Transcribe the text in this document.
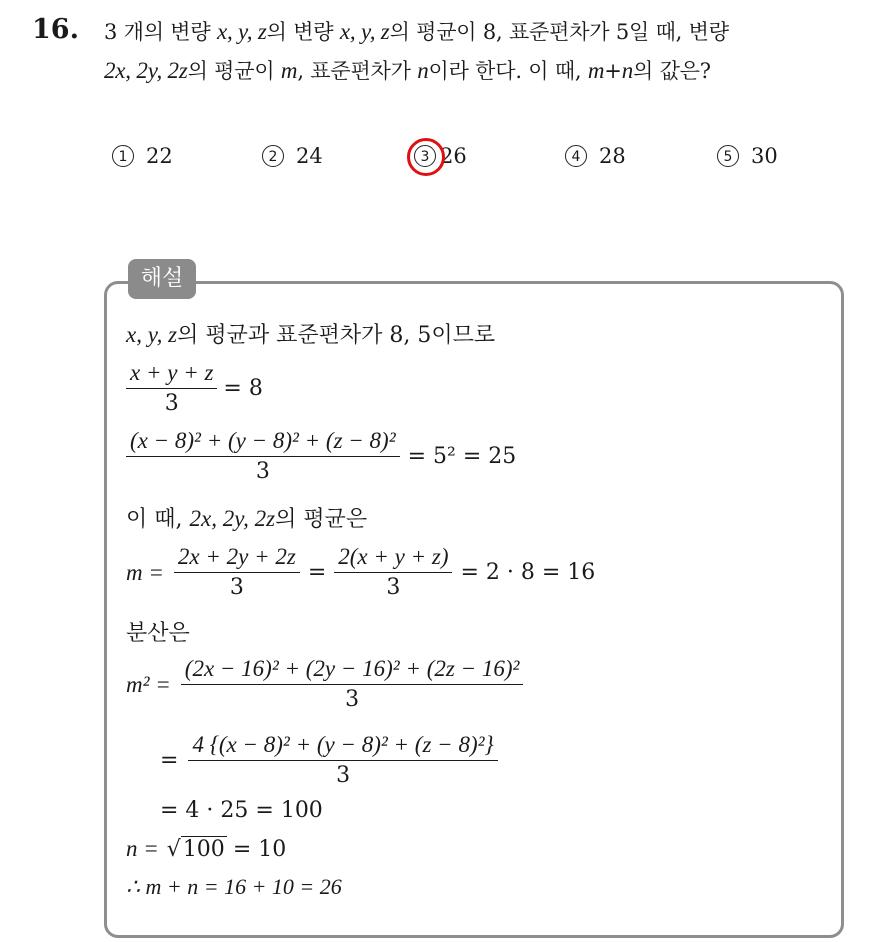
16. 3 개의 변량 x, y, z의 변량 x, y, z의 평균이 8, 표준편차가 5일 때, 변량
2x, 2y, 2z의 평균이 m, 표준편차가 n이라 한다. 이 때, m+n의 값은?
1 22	2 24	3 26	4 28	5 30
해설
x, y, z의 평균과 표준편차가 8, 5이므로
$\frac{x + y + z}{3} = 8$
$\frac{\text{(x − 8)² + (y − 8)² + (z − 8)²}}{3} = 5^2 = 25$
이 때, 2x, 2y, 2z의 평균은
$m = \frac{2x + 2y + 2z}{3} = \frac{2(x + y + z)}{3} = 2 \cdot 8 = 16$
분산은
$m^2 = \frac{\text{(2x − 16)² + (2y − 16)² + (2z − 16)²}}{3}$
= $\frac{\text{4 \{(x − 8)² + (y − 8)² + (z − 8)²\}}}{3}$
= 4 · 25 = 100
n = √ 100 = 10
∴ m + n = 16 + 10 = 26
